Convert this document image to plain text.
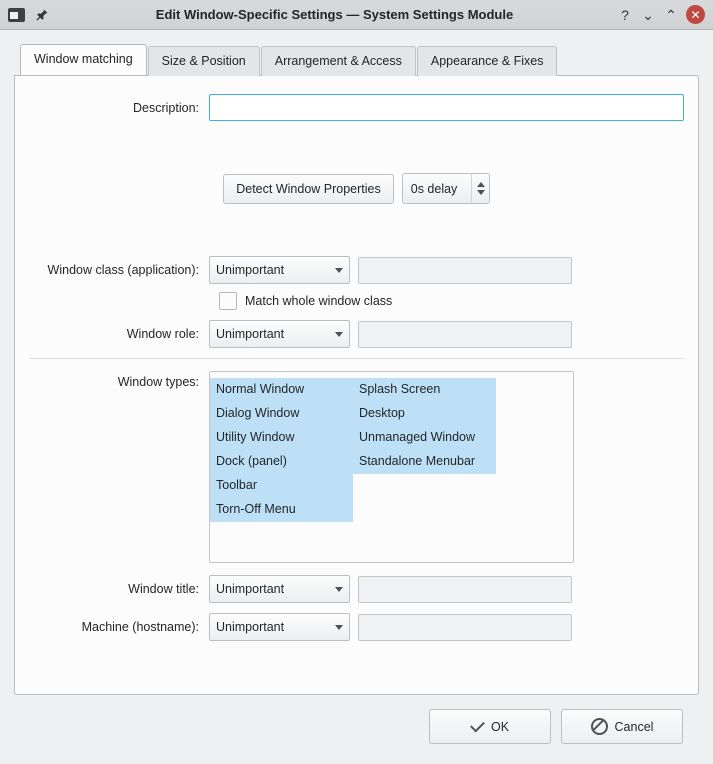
Edit Window-Specific Settings — System Settings Module	? ⌄ ⌃	✕
Window matching	Size & Position	Arrangement & Access	Appearance & Fixes
Description:
Detect Window Properties	0s delay
Window class (application):	Unimportant
Match whole window class
Window role:	Unimportant
Window types:	Normal Window
Dialog Window
Utility Window
Dock (panel)
Toolbar
Torn-Off Menu
Splash Screen
Desktop
Unmanaged Window
Standalone Menubar
Window title:	Unimportant
Machine (hostname):	Unimportant
OK	Cancel
